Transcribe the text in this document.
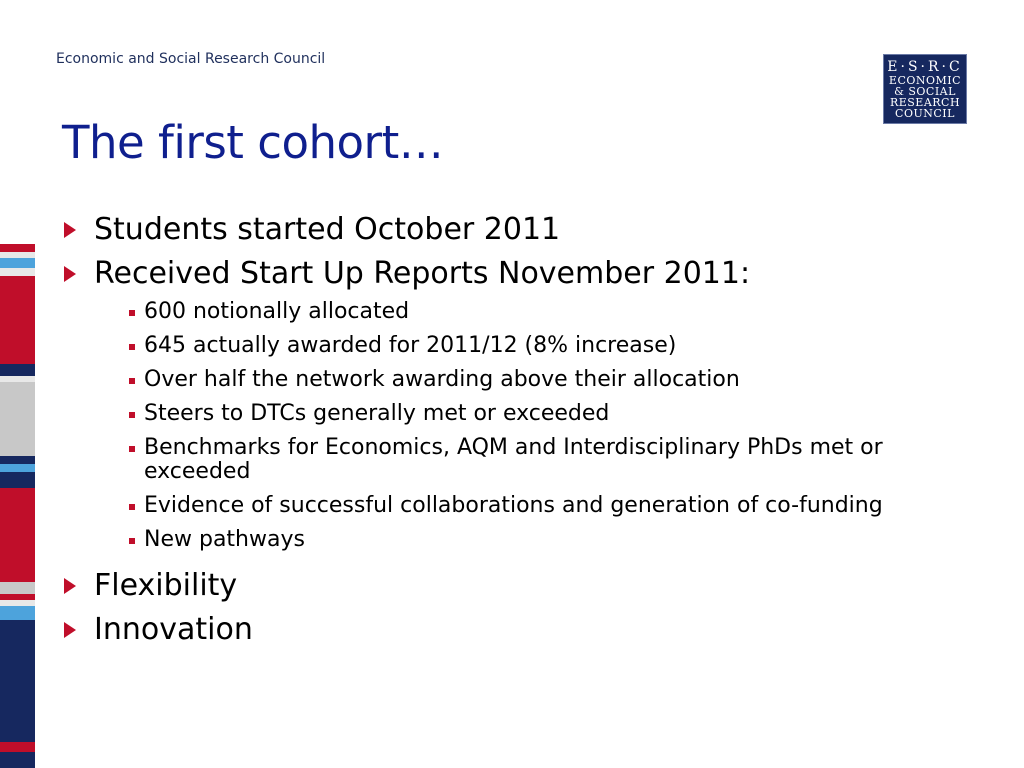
Economic and Social Research Council	E·S·R·C
ECONOMIC
& SOCIAL
RESEARCH
COUNCIL
The first cohort…
Students started October 2011
Received Start Up Reports November 2011:
600 notionally allocated
645 actually awarded for 2011/12 (8% increase)
Over half the network awarding above their allocation
Steers to DTCs generally met or exceeded
Benchmarks for Economics, AQM and Interdisciplinary PhDs met or exceeded
Evidence of successful collaborations and generation of co-funding
New pathways
Flexibility
Innovation
